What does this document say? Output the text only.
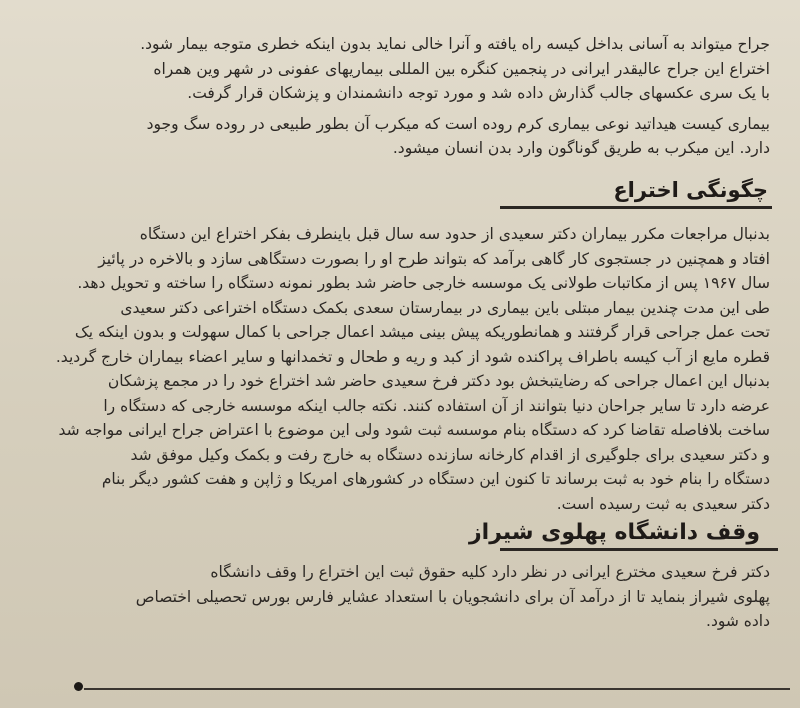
جراح میتواند به آسانی بداخل کیسه راه یافته و آنرا خالی نماید بدون اینکه خطری متوجه بیمار شود.
اختراع این جراح عالیقدر ایرانی در پنجمین کنگره بین المللی بیماریهای عفونی در شهر وین همراه
با یک سری عکسهای جالب گذارش داده شد و مورد توجه دانشمندان و پزشکان قرار گرفت.
بیماری کیست هیداتید نوعی بیماری کرم روده است که میکرب آن بطور طبیعی در روده سگ وجود
دارد. این میکرب به طریق گوناگون وارد بدن انسان میشود.
چگونگی اختراع
بدنبال مراجعات مکرر بیماران دکتر سعیدی از حدود سه سال قبل باینطرف بفکر اختراع این دستگاه
افتاد و همچنین در جستجوی کار گاهی برآمد که بتواند طرح او را بصورت دستگاهی سازد و بالاخره در پائیز
سال ۱۹۶۷ پس از مکاتبات طولانی یک موسسه خارجی حاضر شد بطور نمونه دستگاه را ساخته و تحویل دهد.
طی این مدت چندین بیمار مبتلی باین بیماری در بیمارستان سعدی بکمک دستگاه اختراعی دکتر سعیدی
تحت عمل جراحی قرار گرفتند و همانطوریکه پیش بینی میشد اعمال جراحی با کمال سهولت و بدون اینکه یک
قطره مایع از آب کیسه باطراف پراکنده شود از کبد و ریه و طحال و تخمدانها و سایر اعضاء بیماران خارج گردید.
بدنبال این اعمال جراحی که رضایتبخش بود دکتر فرخ سعیدی حاضر شد اختراع خود را در مجمع پزشکان
عرضه دارد تا سایر جراحان دنیا بتوانند از آن استفاده کنند. نکته جالب اینکه موسسه خارجی که دستگاه را
ساخت بلافاصله تقاضا کرد که دستگاه بنام موسسه ثبت شود ولی این موضوع با اعتراض جراح ایرانی مواجه شد
و دکتر سعیدی برای جلوگیری از اقدام کارخانه سازنده دستگاه به خارج رفت و بکمک وکیل موفق شد
دستگاه را بنام خود به ثبت برساند تا کنون این دستگاه در کشورهای امریکا و ژاپن و هفت کشور دیگر بنام
دکتر سعیدی به ثبت رسیده است.
وقف دانشگاه پهلوی شیراز
دکتر فرخ سعیدی مخترع ایرانی در نظر دارد کلیه حقوق ثبت این اختراع را وقف دانشگاه
پهلوی شیراز بنماید تا از درآمد آن برای دانشجویان با استعداد عشایر فارس بورس تحصیلی اختصاص
داده شود.
